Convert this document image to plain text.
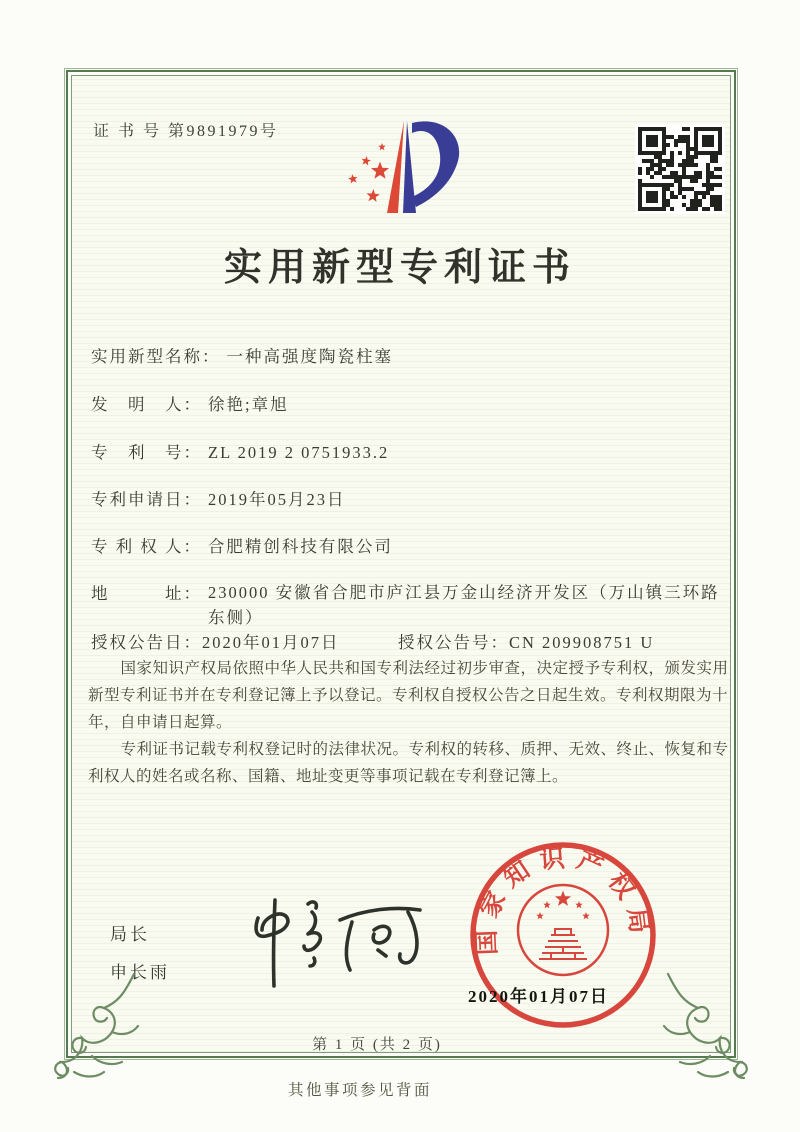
证 书 号 第9891979号
实用新型专利证书
实用新型名称： 一种高强度陶瓷柱塞
发　明　人： 徐艳;章旭
专　利　号： ZL 2019 2 0751933.2
专利申请日： 2019年05月23日
专 利 权 人： 合肥精创科技有限公司
地　　　址： 230000 安徽省合肥市庐江县万金山经济开发区（万山镇三环路东侧）
授权公告日：2020年01月07日	授权公告号：CN 209908751 U

国家知识产权局依照中华人民共和国专利法经过初步审查，决定授予专利权，颁发实用新型专利证书并在专利登记簿上予以登记。专利权自授权公告之日起生效。专利权期限为十年，自申请日起算。

专利证书记载专利权登记时的法律状况。专利权的转移、质押、无效、终止、恢复和专利权人的姓名或名称、国籍、地址变更等事项记载在专利登记簿上。

局长
申长雨
国家知识产权局
2020年01月07日
第 1 页 (共 2 页)
其他事项参见背面
